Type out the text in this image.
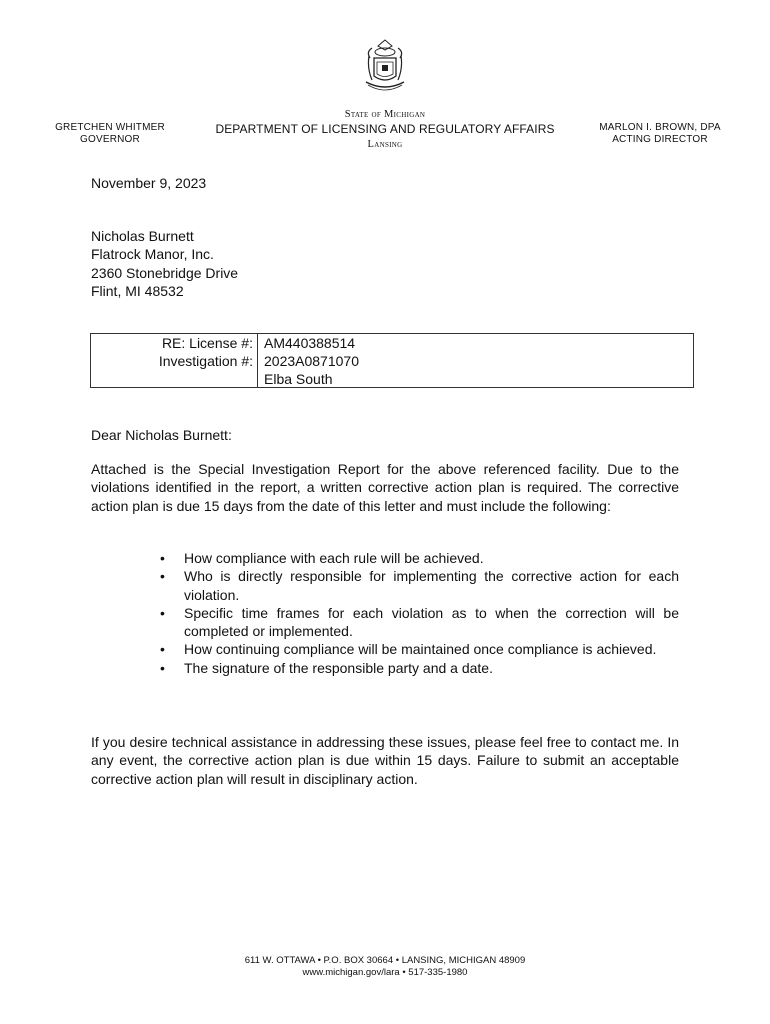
GRETCHEN WHITMER
GOVERNOR
State of Michigan
DEPARTMENT OF LICENSING AND REGULATORY AFFAIRS
Lansing
MARLON I. BROWN, DPA
ACTING DIRECTOR
November 9, 2023
Nicholas Burnett
Flatrock Manor, Inc.
2360 Stonebridge Drive
Flint, MI 48532
RE: License #:
Investigation #:
AM440388514
2023A0871070
Elba South
Dear Nicholas Burnett:
Attached is the Special Investigation Report for the above referenced facility. Due to the violations identified in the report, a written corrective action plan is required. The corrective action plan is due 15 days from the date of this letter and must include the following:
• How compliance with each rule will be achieved.
• Who is directly responsible for implementing the corrective action for each violation.
• Specific time frames for each violation as to when the correction will be completed or implemented.
• How continuing compliance will be maintained once compliance is achieved.
• The signature of the responsible party and a date.
If you desire technical assistance in addressing these issues, please feel free to contact me. In any event, the corrective action plan is due within 15 days. Failure to submit an acceptable corrective action plan will result in disciplinary action.
611 W. OTTAWA • P.O. BOX 30664 • LANSING, MICHIGAN 48909
www.michigan.gov/lara • 517-335-1980
